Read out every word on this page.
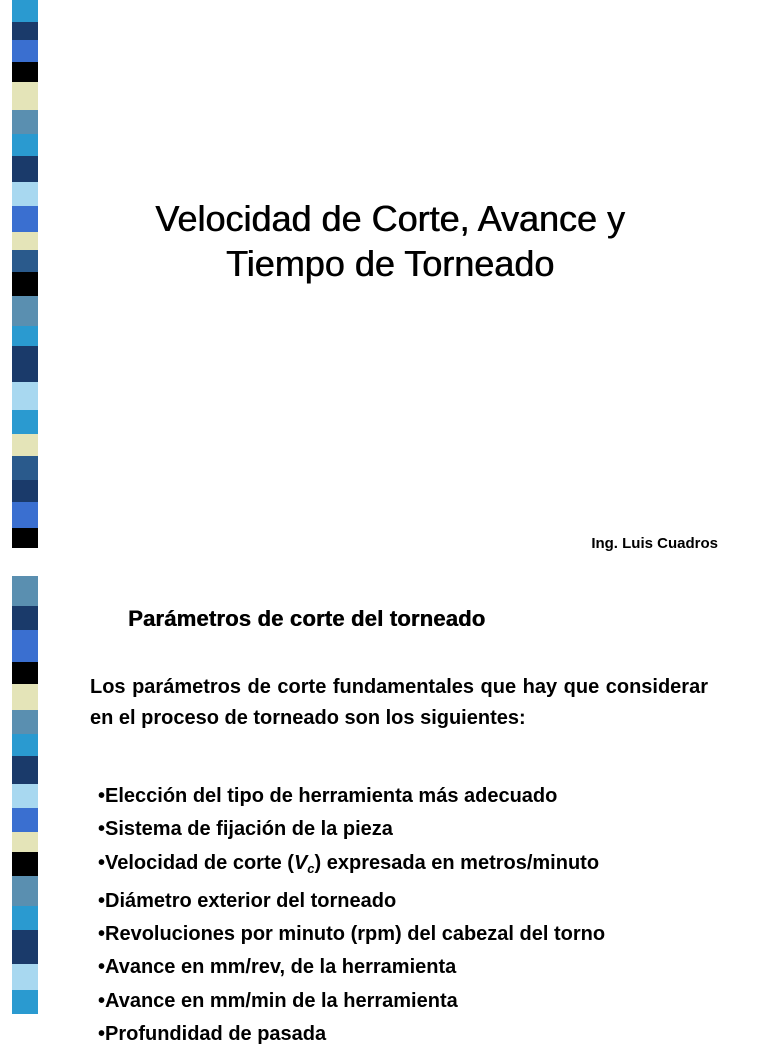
Velocidad de Corte, Avance y
Tiempo de Torneado
Ing. Luis Cuadros
Parámetros de corte del torneado

Los parámetros de corte fundamentales que hay que considerar en el proceso de torneado son los siguientes:

•Elección del tipo de herramienta más adecuado
•Sistema de fijación de la pieza
•Velocidad de corte $(V_c)$ expresada en metros/minuto
•Diámetro exterior del torneado
•Revoluciones por minuto (rpm) del cabezal del torno
•Avance en mm/rev, de la herramienta
•Avance en mm/min de la herramienta
•Profundidad de pasada
